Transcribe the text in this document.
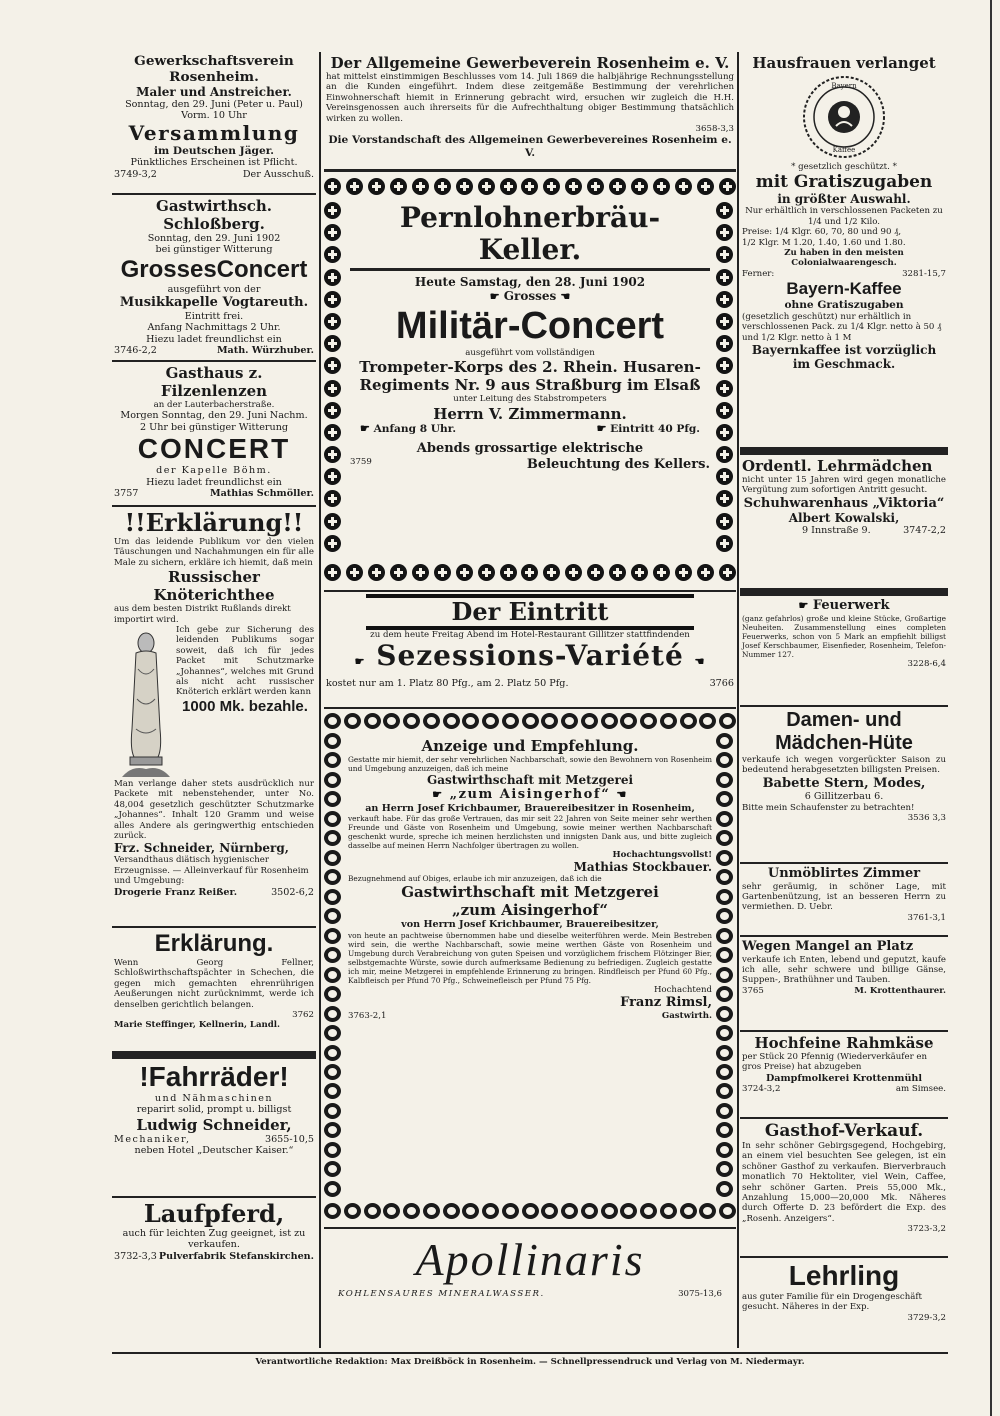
Gewerkschaftsverein Rosenheim.
Maler und Anstreicher.
Sonntag, den 29. Juni (Peter u. Paul)
Vorm. 10 Uhr
Versammlung
im Deutschen Jäger.
Pünktliches Erscheinen ist Pflicht.
3749-3,2	Der Ausschuß.
Gastwirthsch. Schloßberg.
Sonntag, den 29. Juni 1902
bei günstiger Witterung
GrossesConcert
ausgeführt von der
Musikkapelle Vogtareuth.
Eintritt frei.
Anfang Nachmittags 2 Uhr.
Hiezu ladet freundlichst ein
3746-2,2	Math. Würzhuber.
Gasthaus z. Filzenlenzen
an der Lauterbacherstraße.
Morgen Sonntag, den 29. Juni Nachm.
2 Uhr bei günstiger Witterung
CONCERT
der Kapelle Böhm.
Hiezu ladet freundlichst ein
3757	Mathias Schmöller.
!!Erklärung!!
Um das leidende Publikum vor den vielen Täuschungen und Nachahmungen ein für alle Male zu sichern, erkläre ich hiemit, daß mein
Russischer Knöterichthee
aus dem besten Distrikt Rußlands direkt importirt wird.
Ich gebe zur Sicherung des leidenden Publikums sogar soweit, daß ich für jedes Packet mit Schutzmarke „Johannes“, welches mit Grund als nicht acht russischer Knöterich erklärt werden kann
1000 Mk. bezahle.
Man verlange daher stets ausdrücklich nur Packete mit nebenstehender, unter No. 48,004 gesetzlich geschützter Schutzmarke „Johannes“. Inhalt 120 Gramm und weise alles Andere als geringwerthig entschieden zurück.
Frz. Schneider, Nürnberg,
Versandthaus diätisch hygienischer Erzeugnisse. — Alleinverkauf für Rosenheim und Umgebung:
Drogerie Franz Reißer.	3502-6,2
Erklärung.
Wenn Georg Fellner, Schloßwirthschaftspächter in Schechen, die gegen mich gemachten ehrenrührigen Aeußerungen nicht zurücknimmt, werde ich denselben gerichtlich belangen.
3762
Marie Steffinger, Kellnerin, Landl.
!Fahrräder!
und Nähmaschinen
reparirt solid, prompt u. billigst
Ludwig Schneider,
Mechaniker,	3655-10,5
neben Hotel „Deutscher Kaiser.“
Laufpferd,
auch für leichten Zug geeignet, ist zu verkaufen.
3732-3,3 Pulverfabrik Stefanskirchen.
Der Allgemeine Gewerbeverein Rosenheim e. V.
hat mittelst einstimmigen Beschlusses vom 14. Juli 1869 die halbjährige Rechnungsstellung an die Kunden eingeführt. Indem diese zeitgemäße Bestimmung der verehrlichen Einwohnerschaft hiemit in Erinnerung gebracht wird, ersuchen wir zugleich die H.H. Vereinsgenossen auch ihrerseits für die Aufrechthaltung obiger Bestimmung thatsächlich wirken zu wollen.
3658-3,3
Die Vorstandschaft des Allgemeinen Gewerbevereines Rosenheim e. V.
Pernlohnerbräu-Keller.
Heute Samstag, den 28. Juni 1902
☛ Grosses ☚
Militär-Concert
ausgeführt vom vollständigen
Trompeter-Korps des 2. Rhein. Husaren-
Regiments Nr. 9 aus Straßburg im Elsaß
unter Leitung des Stabstrompeters
Herrn V. Zimmermann.
☛ Anfang 8 Uhr.	☛ Eintritt 40 Pfg.
Abends grossartige elektrische
3759	Beleuchtung des Kellers.
Der Eintritt
zu dem heute Freitag Abend im Hotel-Restaurant Gillitzer stattfindenden
☛ Sezessions-Variété ☚
kostet nur am 1. Platz 80 Pfg., am 2. Platz 50 Pfg.	3766
Anzeige und Empfehlung.
Gestatte mir hiemit, der sehr verehrlichen Nachbarschaft, sowie den Bewohnern von Rosenheim und Umgebung anzuzeigen, daß ich meine
Gastwirthschaft mit Metzgerei
☛ „zum Aisingerhof“ ☚
an Herrn Josef Krichbaumer, Brauereibesitzer in Rosenheim,
verkauft habe. Für das große Vertrauen, das mir seit 22 Jahren von Seite meiner sehr werthen Freunde und Gäste von Rosenheim und Umgebung, sowie meiner werthen Nachbarschaft geschenkt wurde, spreche ich meinen herzlichsten und innigsten Dank aus, und bitte zugleich dasselbe auf meinen Herrn Nachfolger übertragen zu wollen.
Hochachtungsvollst!
Mathias Stockbauer.
Bezugnehmend auf Obiges, erlaube ich mir anzuzeigen, daß ich die
Gastwirthschaft mit Metzgerei
„zum Aisingerhof“
von Herrn Josef Krichbaumer, Brauereibesitzer,
von heute an pachtweise übernommen habe und dieselbe weiterführen werde. Mein Bestreben wird sein, die werthe Nachbarschaft, sowie meine werthen Gäste von Rosenheim und Umgebung durch Verabreichung von guten Speisen und vorzüglichem frischem Flötzinger Bier, selbstgemachte Würste, sowie durch aufmerksame Bedienung zu befriedigen. Zugleich gestatte ich mir, meine Metzgerei in empfehlende Erinnerung zu bringen. Rindfleisch per Pfund 60 Pfg., Kalbfleisch per Pfund 70 Pfg., Schweinefleisch per Pfund 75 Pfg.
Hochachtend
Franz Rimsl,
3763-2,1	Gastwirth.
Apollinaris
KOHLENSAURES MINERALWASSER.	3075-13,6
Hausfrauen verlanget
Bayern
Kaffee
* gesetzlich geschützt. *
mit Gratiszugaben
in größter Auswahl.
Nur erhältlich in verschlossenen Packeten zu 1/4 und 1/2 Kilo.
Preise: 1/4 Klgr. 60, 70, 80 und 90 ₰,
1/2 Klgr. M 1.20, 1.40, 1.60 und 1.80.
Zu haben in den meisten Colonialwaarengesch.
Ferner:	3281-15,7
Bayern-Kaffee
ohne Gratiszugaben
(gesetzlich geschützt) nur erhältlich in verschlossenen Pack. zu 1/4 Klgr. netto à 50 ₰ und 1/2 Klgr. netto à 1 M
Bayernkaffee ist vorzüglich im Geschmack.
Ordentl. Lehrmädchen
nicht unter 15 Jahren wird gegen monatliche Vergütung zum sofortigen Antritt gesucht.
Schuhwarenhaus „Viktoria“
Albert Kowalski,
9 Innstraße 9.	3747-2,2
☛ Feuerwerk
(ganz gefahrlos) große und kleine Stücke, Großartige Neuheiten. Zusammenstellung eines completen Feuerwerks, schon von 5 Mark an empfiehlt billigst Josef Kerschbaumer, Eisenfieder, Rosenheim, Telefon-Nummer 127.
3228-6,4
Damen- und
Mädchen-Hüte
verkaufe ich wegen vorgerückter Saison zu bedeutend herabgesetzten billigsten Preisen.
Babette Stern, Modes,
6 Gillitzerbau 6.
Bitte mein Schaufenster zu betrachten!
3536 3,3
Unmöblirtes Zimmer
sehr geräumig, in schöner Lage, mit Gartenbenützung, ist an besseren Herrn zu vermiethen. D. Uebr.
3761-3,1
Wegen Mangel an Platz
verkaufe ich Enten, lebend und geputzt, kaufe ich alle, sehr schwere und billige Gänse, Suppen-, Brathühner und Tauben.
3765	M. Krottenthaurer.
Hochfeine Rahmkäse
per Stück 20 Pfennig (Wiederverkäufer en gros Preise) hat abzugeben
Dampfmolkerei Krottenmühl
3724-3,2	am Simsee.
Gasthof-Verkauf.
In sehr schöner Gebirgsgegend, Hochgebirg, an einem viel besuchten See gelegen, ist ein schöner Gasthof zu verkaufen. Bierverbrauch monatlich 70 Hektoliter, viel Wein, Caffee, sehr schöner Garten. Preis 55,000 Mk., Anzahlung 15,000—20,000 Mk. Näheres durch Offerte D. 23 befördert die Exp. des „Rosenh. Anzeigers“.
3723-3,2
Lehrling
aus guter Familie für ein Drogengeschäft gesucht. Näheres in der Exp.
3729-3,2
Verantwortliche Redaktion: Max Dreißböck in Rosenheim. — Schnellpressendruck und Verlag von M. Niedermayr.
